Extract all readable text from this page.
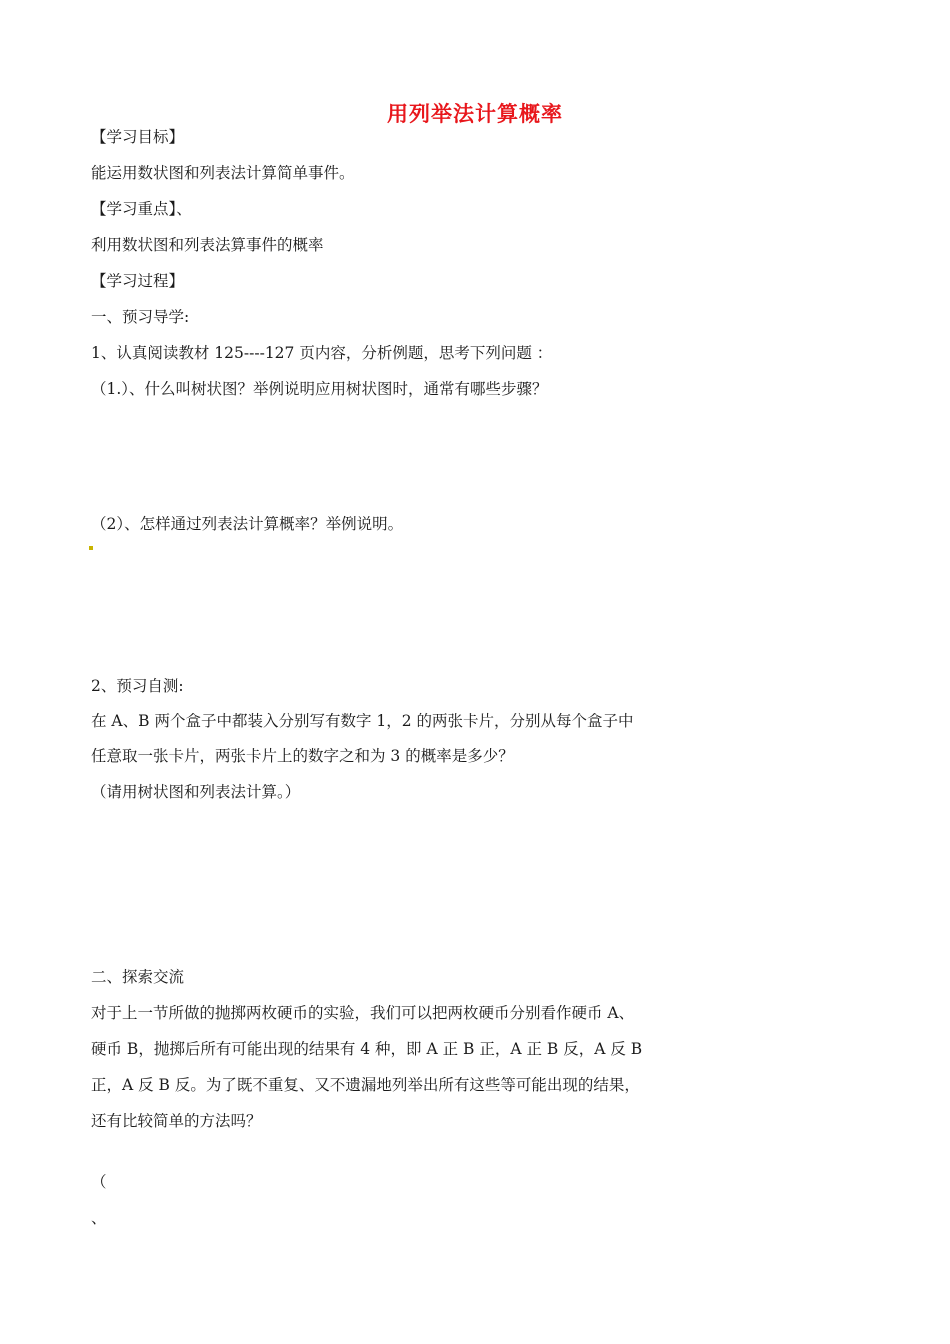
用列举法计算概率
【学习目标】
能运用数状图和列表法计算简单事件。
【学习重点】、
利用数状图和列表法算事件的概率
【学习过程】
一、预习导学:
1、认真阅读教材 125----127 页内容，分析例题，思考下列问题 ：
（1.）、什么叫树状图？举例说明应用树状图时，通常有哪些步骤？
（2）、怎样通过列表法计算概率？举例说明。
2、预习自测:
在 A、B 两个盒子中都装入分别写有数字 1，2 的两张卡片，分别从每个盒子中
任意取一张卡片，两张卡片上的数字之和为 3 的概率是多少？
（请用树状图和列表法计算。）
二、探索交流
对于上一节所做的抛掷两枚硬币的实验，我们可以把两枚硬币分别看作硬币 A、
硬币 B，抛掷后所有可能出现的结果有 4 种，即 A 正 B 正，A 正 B 反，A 反 B
正，A 反 B 反。为了既不重复、又不遗漏地列举出所有这些等可能出现的结果，
还有比较简单的方法吗？
（
、
